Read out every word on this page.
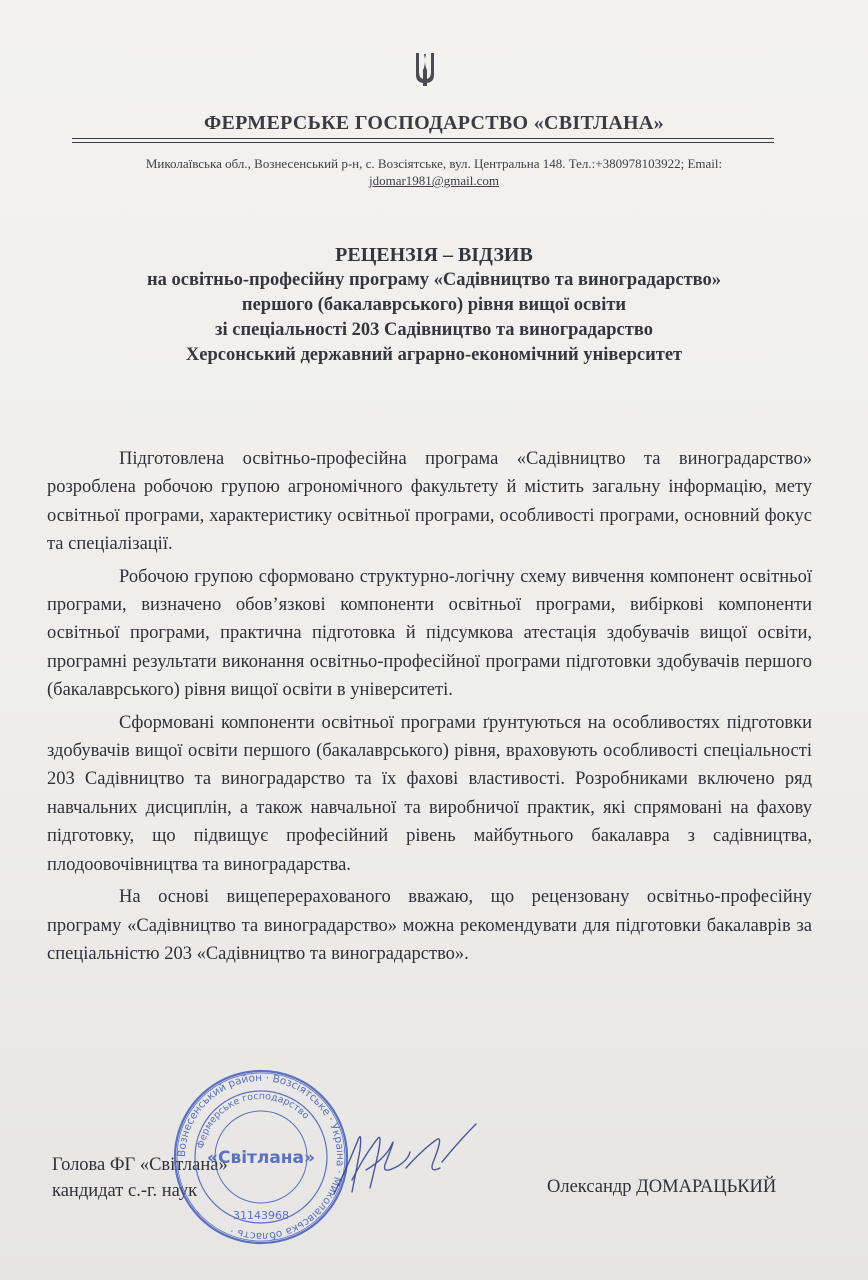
ФЕРМЕРСЬКЕ ГОСПОДАРСТВО «СВІТЛАНА»
Миколаївська обл., Вознесенський р-н, с. Возсіятське, вул. Центральна 148. Тел.:+380978103922; Email:
jdomar1981@gmail.com
РЕЦЕНЗІЯ – ВІДЗИВ
на освітньо-професійну програму «Садівництво та виноградарство»
першого (бакалаврського) рівня вищої освіти
зі спеціальності 203 Садівництво та виноградарство
Херсонський державний аграрно-економічний університет

Підготовлена освітньо-професійна програма «Садівництво та виноградарство» розроблена робочою групою агрономічного факультету й містить загальну інформацію, мету освітньої програми, характеристику освітньої програми, особливості програми, основний фокус та спеціалізації.

Робочою групою сформовано структурно-логічну схему вивчення компонент освітньої програми, визначено обов’язкові компоненти освітньої програми, вибіркові компоненти освітньої програми, практична підготовка й підсумкова атестація здобувачів вищої освіти, програмні результати виконання освітньо-професійної програми підготовки здобувачів першого (бакалаврського) рівня вищої освіти в університеті.

Сформовані компоненти освітньої програми ґрунтуються на особливостях підготовки здобувачів вищої освіти першого (бакалаврського) рівня, враховують особливості спеціальності 203 Садівництво та виноградарство та їх фахові властивості. Розробниками включено ряд навчальних дисциплін, а також навчальної та виробничої практик, які спрямовані на фахову підготовку, що підвищує професійний рівень майбутнього бакалавра з садівництва, плодоовочівництва та виноградарства.

На основі вищеперерахованого вважаю, що рецензовану освітньо-професійну програму «Садівництво та виноградарство» можна рекомендувати для підготовки бакалаврів за спеціальністю 203 «Садівництво та виноградарство».

Голова ФГ «Світлана»
кандидат с.-г. наук	Олександр ДОМАРАЦЬКИЙ
Вознесенський район · Возсіятське · Україна · Миколаївська область ·
Фермерське господарство
«Світлана»
31143968
